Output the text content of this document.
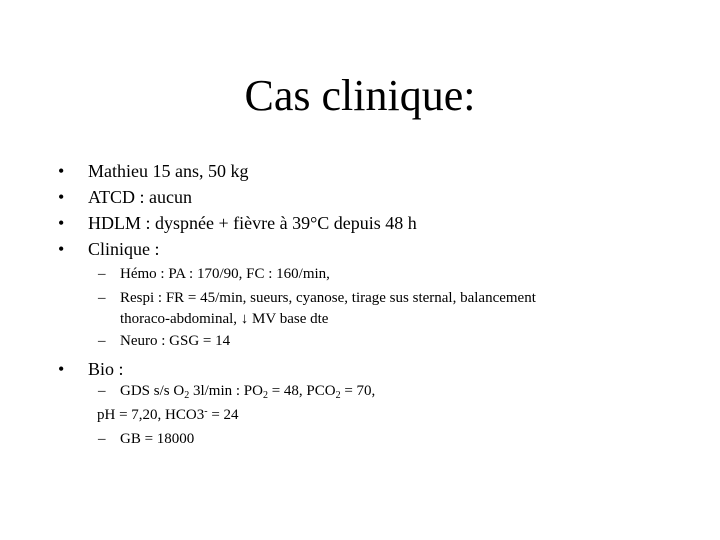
Cas clinique:
• Mathieu 15 ans, 50 kg
• ATCD : aucun
• HDLM : dyspnée + fièvre à 39°C depuis 48 h
• Clinique :
– Hémo : PA : 170/90, FC : 160/min,
– Respi : FR = 45/min, sueurs, cyanose, tirage sus sternal, balancement
thoraco-abdominal, ↓ MV base dte
– Neuro : GSG = 14
• Bio :
– GDS s/s $O_2$ 3l/min : $PO_2 = 48$, $PCO_2 = 70$,
pH = 7,20, HCO3- = 24
– GB = 18000
